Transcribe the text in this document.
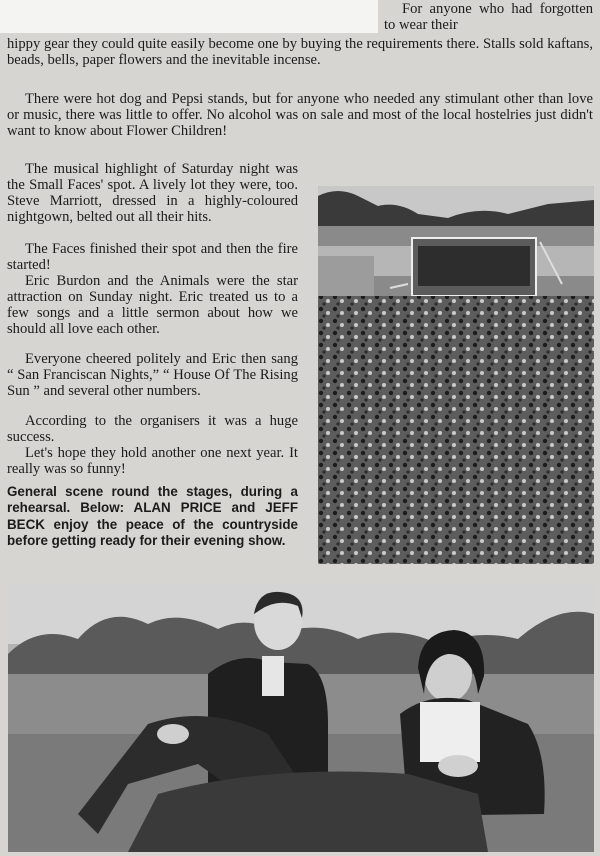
For anyone who had forgotten to wear their

hippy gear they could quite easily become one by buying the requirements there. Stalls sold kaftans, beads, bells, paper flowers and the inevitable incense.

There were hot dog and Pepsi stands, but for anyone who needed any stimulant other than love or music, there was little to offer. No alcohol was on sale and most of the local hostelries just didn't want to know about Flower Children!

The musical highlight of Saturday night was the Small Faces' spot. A lively lot they were, too. Steve Marriott, dressed in a highly-coloured nightgown, belted out all their hits.

The Faces finished their spot and then the fire started!

Eric Burdon and the Animals were the star attraction on Sunday night. Eric treated us to a few songs and a little sermon about how we should all love each other.

Everyone cheered politely and Eric then sang “ San Franciscan Nights,” “ House Of The Rising Sun ” and several other numbers.

According to the organisers it was a huge success.

Let's hope they hold another one next year. It really was so funny!

General scene round the stages, during a rehearsal. Below: ALAN PRICE and JEFF BECK enjoy the peace of the countryside before getting ready for their evening show.
